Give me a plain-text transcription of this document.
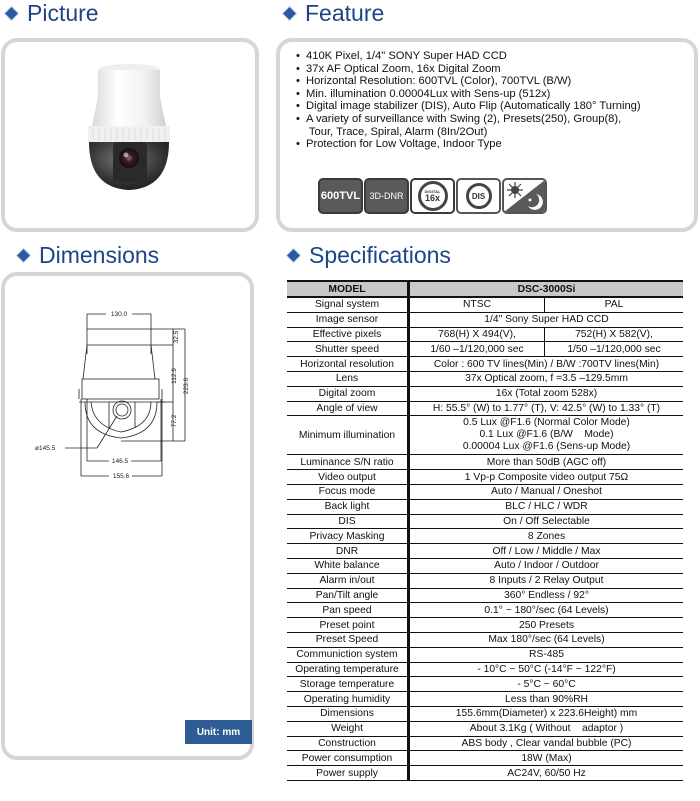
Picture	Feature
Dimensions	Specifications
• 410K Pixel, 1/4" SONY Super HAD CCD
• 37x AF Optical Zoom, 16x Digital Zoom
• Horizontal Resolution: 600TVL (Color), 700TVL (B/W)
• Min. illumination 0.00004Lux with Sens-up (512x)
• Digital image stabilizer (DIS), Auto Flip (Automatically 180° Turning)
• A variety of surveillance with Swing (2), Presets(250), Group(8),
Tour, Trace, Spiral, Alarm (8In/2Out)
• Protection for Low Voltage, Indoor Type
600TVL 3D-DNR	DIGITAL
16x	DIS
130.0
32.5
112.9
223.6
77.2
ø145.5
146.5
155.6
Unit: mm
MODEL	DSC-3000Si	
Signal system	NTSC	PAL
Image sensor	1/4" Sony Super HAD CCD	
Effective pixels	768(H) X 494(V),	752(H) X 582(V),
Shutter speed	1/60 –1/120,000 sec	1/50 –1/120,000 sec
Horizontal resolution	Color : 600 TV lines(Min) / B/W :700TV lines(Min)	
Lens	37x Optical zoom, f =3.5 –129.5mm	
Digital zoom	16x (Total zoom 528x)	
Angle of view	H: 55.5° (W) to 1.77° (T), V: 42.5° (W) to 1.33° (T)	
Minimum illumination	0.5 Lux @F1.6 (Normal Color Mode)
0.1 Lux @F1.6 (B/W    Mode)
0.00004 Lux @F1.6 (Sens-up Mode)	

Luminance S/N ratio	More than 50dB (AGC off)	
Video output	1 Vp-p Composite video output 75Ω	
Focus mode	Auto / Manual / Oneshot	
Back light	BLC / HLC / WDR	
DIS	On / Off Selectable	
Privacy Masking	8 Zones	
DNR	Off / Low / Middle / Max	
White balance	Auto / Indoor / Outdoor	
Alarm in/out	8 Inputs / 2 Relay Output	
Pan/Tilt angle	360° Endless / 92°	
Pan speed	0.1° ~ 180°/sec (64 Levels)	
Preset point	250 Presets	
Preset Speed	Max 180°/sec (64 Levels)	
Communiction system	RS-485	
Operating temperature	- 10°C ~ 50°C (-14°F ~ 122°F)	
Storage temperature	- 5°C ~ 60°C	
Operating humidity	Less than 90%RH	
Dimensions	155.6mm(Diameter) x 223.6Height) mm	
Weight	About 3.1Kg ( Without    adaptor )	
Construction	ABS body , Clear vandal bubble (PC)	
Power consumption	18W (Max)	
Power supply	AC24V, 60/50 Hz	
